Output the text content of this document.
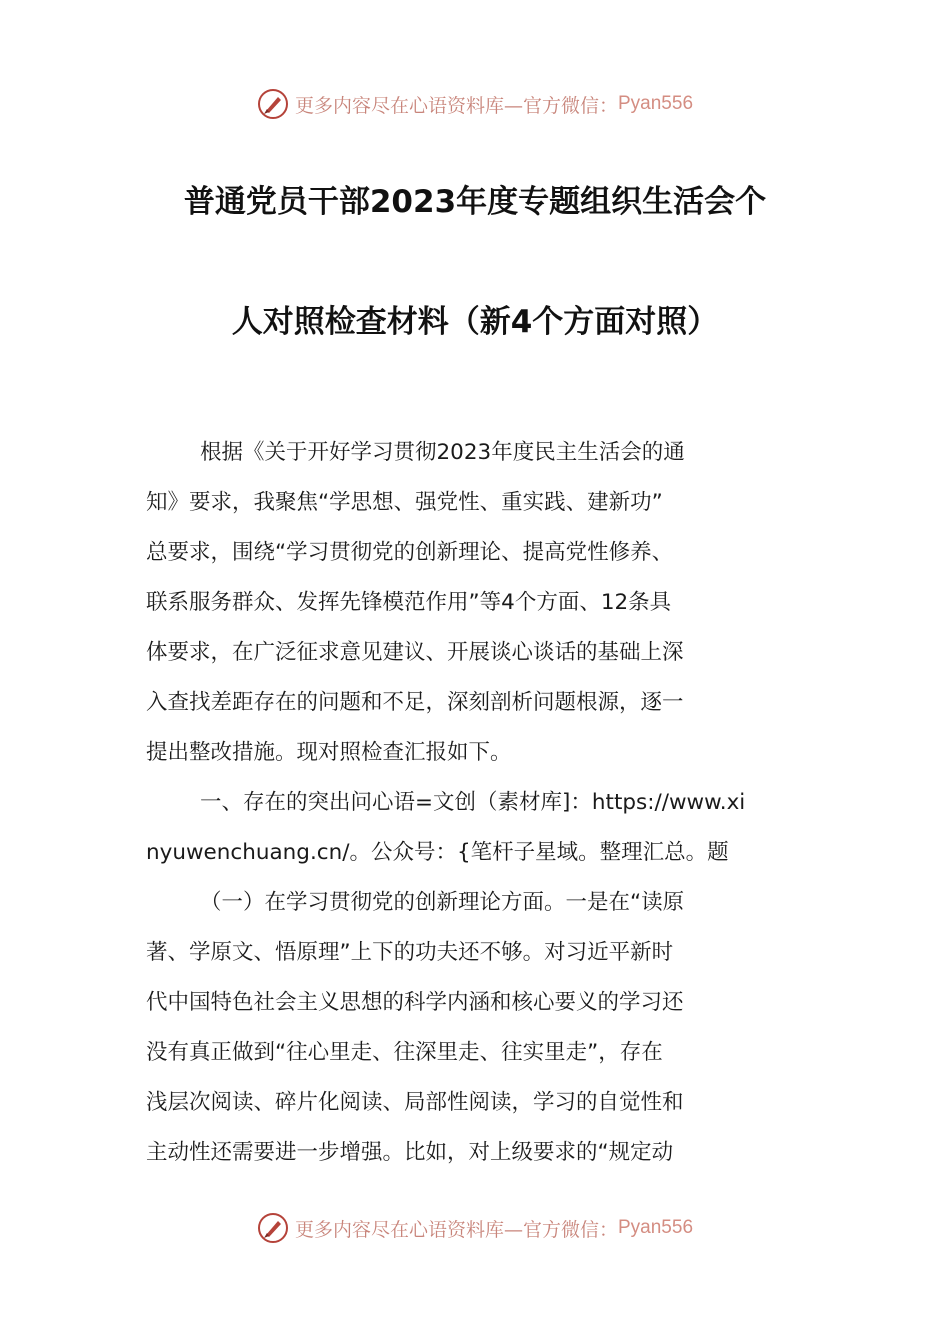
更多内容尽在心语资料库—官方微信： Pyan556
普通党员干部2023年度专题组织生活会个
人对照检查材料（新4个方面对照）
根据《关于开好学习贯彻2023年度民主生活会的通
知》要求，我聚焦“学思想、强党性、重实践、建新功”
总要求，围绕“学习贯彻党的创新理论、提高党性修养、
联系服务群众、发挥先锋模范作用”等4个方面、12条具
体要求，在广泛征求意见建议、开展谈心谈话的基础上深
入查找差距存在的问题和不足，深刻剖析问题根源，逐一
提出整改措施。现对照检查汇报如下。
一、存在的突出问心语=文创（素材库]：https://www.xi
nyuwenchuang.cn/。公众号：{笔杆子星域。整理汇总。题
（一）在学习贯彻党的创新理论方面。一是在“读原
著、学原文、悟原理”上下的功夫还不够。对习近平新时
代中国特色社会主义思想的科学内涵和核心要义的学习还
没有真正做到“往心里走、往深里走、往实里走”，存在
浅层次阅读、碎片化阅读、局部性阅读，学习的自觉性和
主动性还需要进一步增强。比如，对上级要求的“规定动
更多内容尽在心语资料库—官方微信： Pyan556
